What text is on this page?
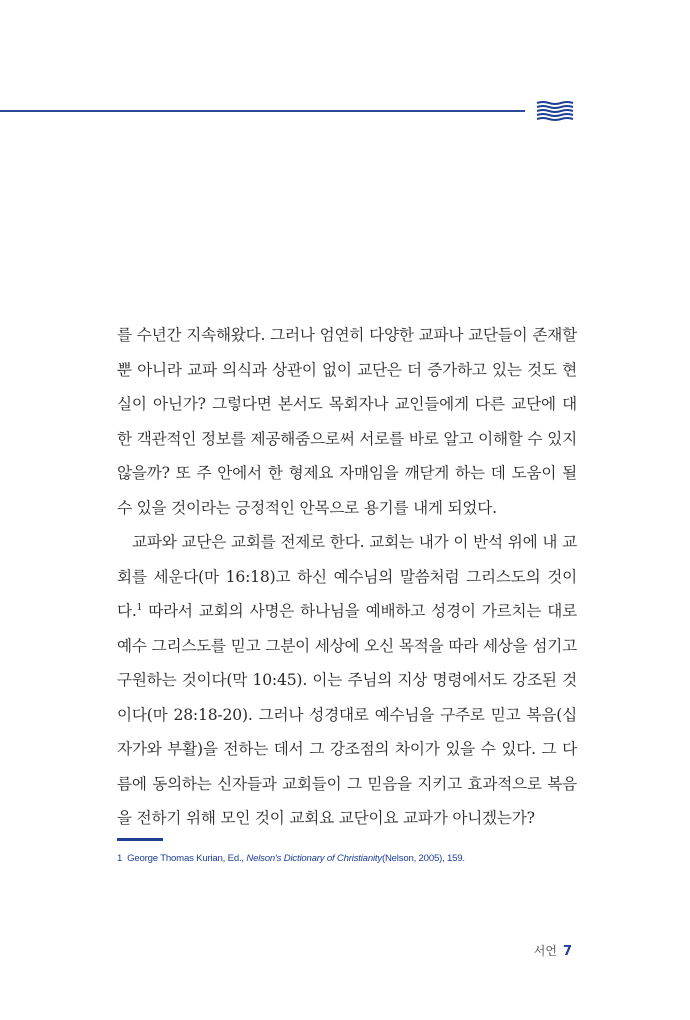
를 수년간 지속해왔다. 그러나 엄연히 다양한 교파나 교단들이 존재할 뿐 아니라 교파 의식과 상관이 없이 교단은 더 증가하고 있는 것도 현실이 아닌가? 그렇다면 본서도 목회자나 교인들에게 다른 교단에 대한 객관적인 정보를 제공해줌으로써 서로를 바로 알고 이해할 수 있지 않을까? 또 주 안에서 한 형제요 자매임을 깨닫게 하는 데 도움이 될 수 있을 것이라는 긍정적인 안목으로 용기를 내게 되었다.

교파와 교단은 교회를 전제로 한다. 교회는 내가 이 반석 위에 내 교회를 세운다(마 16:18)고 하신 예수님의 말씀처럼 그리스도의 것이다.$^1$ 따라서 교회의 사명은 하나님을 예배하고 성경이 가르치는 대로 예수 그리스도를 믿고 그분이 세상에 오신 목적을 따라 세상을 섬기고 구원하는 것이다(막 10:45). 이는 주님의 지상 명령에서도 강조된 것이다(마 28:18-20). 그러나 성경대로 예수님을 구주로 믿고 복음(십자가와 부활)을 전하는 데서 그 강조점의 차이가 있을 수 있다. 그 다름에 동의하는 신자들과 교회들이 그 믿음을 지키고 효과적으로 복음을 전하기 위해 모인 것이 교회요 교단이요 교파가 아니겠는가?

1 George Thomas Kurian, Ed., Nelson's Dictionary of Christianity(Nelson, 2005), 159.
서언 7
